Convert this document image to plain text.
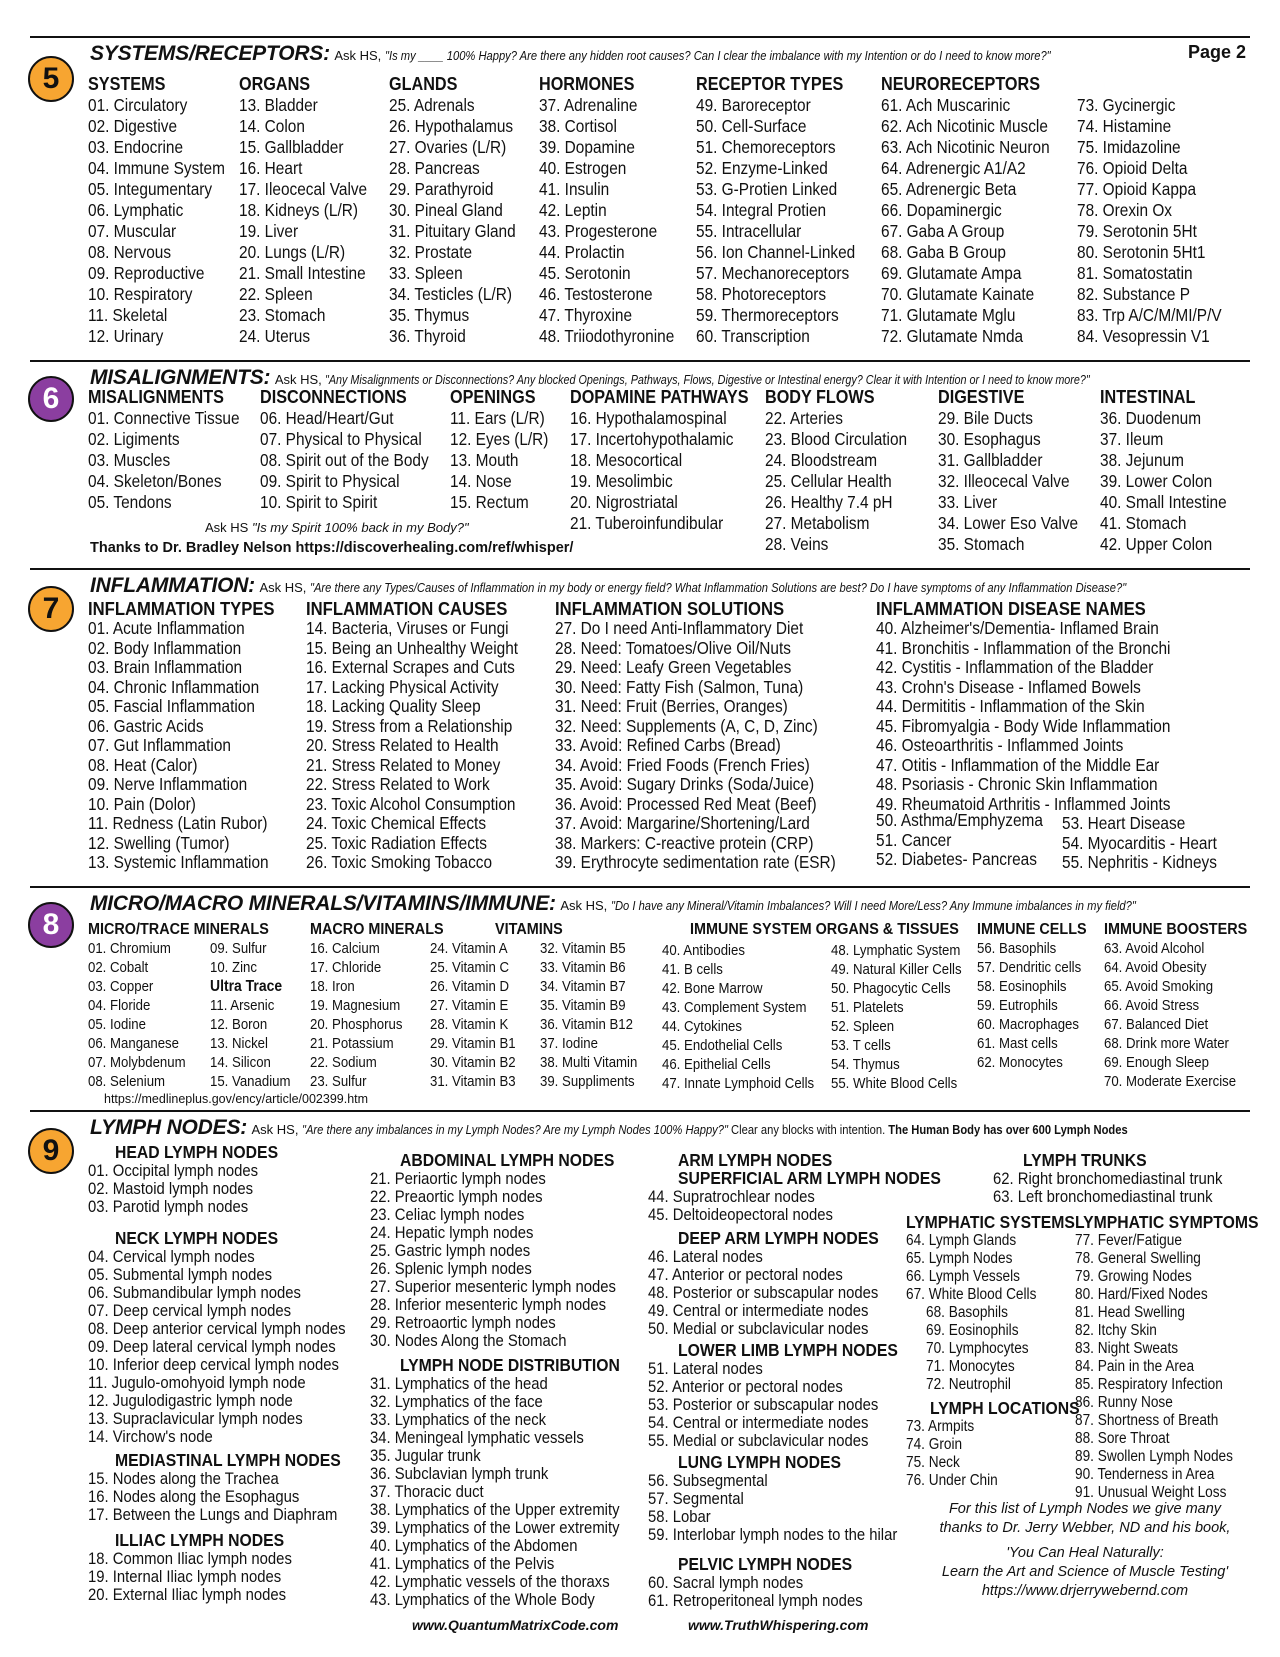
5
SYSTEMS/RECEPTORS: Ask HS, "Is my ____ 100% Happy? Are there any hidden root causes? Can I clear the imbalance with my Intention or do I need to know more?"	Page 2
SYSTEMS
01. Circulatory
02. Digestive
03. Endocrine
04. Immune System
05. Integumentary
06. Lymphatic
07. Muscular
08. Nervous
09. Reproductive
10. Respiratory
11. Skeletal
12. Urinary
ORGANS
13. Bladder
14. Colon
15. Gallbladder
16. Heart
17. Ileocecal Valve
18. Kidneys (L/R)
19. Liver
20. Lungs (L/R)
21. Small Intestine
22. Spleen
23. Stomach
24. Uterus
GLANDS
25. Adrenals
26. Hypothalamus
27. Ovaries (L/R)
28. Pancreas
29. Parathyroid
30. Pineal Gland
31. Pituitary Gland
32. Prostate
33. Spleen
34. Testicles (L/R)
35. Thymus
36. Thyroid
HORMONES
37. Adrenaline
38. Cortisol
39. Dopamine
40. Estrogen
41. Insulin
42. Leptin
43. Progesterone
44. Prolactin
45. Serotonin
46. Testosterone
47. Thyroxine
48. Triiodothyronine
RECEPTOR TYPES
49. Baroreceptor
50. Cell-Surface
51. Chemoreceptors
52. Enzyme-Linked
53. G-Protien Linked
54. Integral Protien
55. Intracellular
56. Ion Channel-Linked
57. Mechanoreceptors
58. Photoreceptors
59. Thermoreceptors
60. Transcription
NEURORECEPTORS
61. Ach Muscarinic
62. Ach Nicotinic Muscle
63. Ach Nicotinic Neuron
64. Adrenergic A1/A2
65. Adrenergic Beta
66. Dopaminergic
67. Gaba A Group
68. Gaba B Group
69. Glutamate Ampa
70. Glutamate Kainate
71. Glutamate Mglu
72. Glutamate Nmda
73. Gycinergic
74. Histamine
75. Imidazoline
76. Opioid Delta
77. Opioid Kappa
78. Orexin Ox
79. Serotonin 5Ht
80. Serotonin 5Ht1
81. Somatostatin
82. Substance P
83. Trp A/C/M/MI/P/V
84. Vesopressin V1
6
MISALIGNMENTS: Ask HS, "Any Misalignments or Disconnections? Any blocked Openings, Pathways, Flows, Digestive or Intestinal energy? Clear it with Intention or I need to know more?"
MISALIGNMENTS
01. Connective Tissue
02. Ligiments
03. Muscles
04. Skeleton/Bones
05. Tendons
DISCONNECTIONS
06. Head/Heart/Gut
07. Physical to Physical
08. Spirit out of the Body
09. Spirit to Physical
10. Spirit to Spirit
OPENINGS
11. Ears (L/R)
12. Eyes (L/R)
13. Mouth
14. Nose
15. Rectum
DOPAMINE PATHWAYS
16. Hypothalamospinal
17. Incertohypothalamic
18. Mesocortical
19. Mesolimbic
20. Nigrostriatal
21. Tuberoinfundibular
BODY FLOWS
22. Arteries
23. Blood Circulation
24. Bloodstream
25. Cellular Health
26. Healthy 7.4 pH
27. Metabolism
28. Veins
DIGESTIVE
29. Bile Ducts
30. Esophagus
31. Gallbladder
32. Illeocecal Valve
33. Liver
34. Lower Eso Valve
35. Stomach
INTESTINAL
36. Duodenum
37. Ileum
38. Jejunum
39. Lower Colon
40. Small Intestine
41. Stomach
42. Upper Colon
Ask HS "Is my Spirit 100% back in my Body?"
Thanks to Dr. Bradley Nelson https://discoverhealing.com/ref/whisper/
7
INFLAMMATION: Ask HS, "Are there any Types/Causes of Inflammation in my body or energy field? What Inflammation Solutions are best? Do I have symptoms of any Inflammation Disease?"
INFLAMMATION TYPES
01. Acute Inflammation
02. Body Inflammation
03. Brain Inflammation
04. Chronic Inflammation
05. Fascial Inflammation
06. Gastric Acids
07. Gut Inflammation
08. Heat (Calor)
09. Nerve Inflammation
10. Pain (Dolor)
11. Redness (Latin Rubor)
12. Swelling (Tumor)
13. Systemic Inflammation
INFLAMMATION CAUSES
14. Bacteria, Viruses or Fungi
15. Being an Unhealthy Weight
16. External Scrapes and Cuts
17. Lacking Physical Activity
18. Lacking Quality Sleep
19. Stress from a Relationship
20. Stress Related to Health
21. Stress Related to Money
22. Stress Related to Work
23. Toxic Alcohol Consumption
24. Toxic Chemical Effects
25. Toxic Radiation Effects
26. Toxic Smoking Tobacco
INFLAMMATION SOLUTIONS
27. Do I need Anti-Inflammatory Diet
28. Need: Tomatoes/Olive Oil/Nuts
29. Need: Leafy Green Vegetables
30. Need: Fatty Fish (Salmon, Tuna)
31. Need: Fruit (Berries, Oranges)
32. Need: Supplements (A, C, D, Zinc)
33. Avoid: Refined Carbs (Bread)
34. Avoid: Fried Foods (French Fries)
35. Avoid: Sugary Drinks (Soda/Juice)
36. Avoid: Processed Red Meat (Beef)
37. Avoid: Margarine/Shortening/Lard
38. Markers: C-reactive protein (CRP)
39. Erythrocyte sedimentation rate (ESR)
INFLAMMATION DISEASE NAMES
40. Alzheimer's/Dementia- Inflamed Brain
41. Bronchitis - Inflammation of the Bronchi
42. Cystitis - Inflammation of the Bladder
43. Crohn's Disease - Inflamed Bowels
44. Dermititis - Inflammation of the Skin
45. Fibromyalgia - Body Wide Inflammation
46. Osteoarthritis - Inflammed Joints
47. Otitis - Inflammation of the Middle Ear
48. Psoriasis - Chronic Skin Inflammation
49. Rheumatoid Arthritis - Inflammed Joints
50. Asthma/Emphyzema
51. Cancer
52. Diabetes- Pancreas
53. Heart Disease
54. Myocarditis - Heart
55. Nephritis - Kidneys
8
MICRO/MACRO MINERALS/VITAMINS/IMMUNE: Ask HS, "Do I have any Mineral/Vitamin Imbalances? Will I need More/Less? Any Immune imbalances in my field?"
MICRO/TRACE MINERALS
01. Chromium
02. Cobalt
03. Copper
04. Floride
05. Iodine
06. Manganese
07. Molybdenum
08. Selenium
09. Sulfur
10. Zinc
Ultra Trace
11. Arsenic
12. Boron
13. Nickel
14. Silicon
15. Vanadium
MACRO MINERALS
16. Calcium
17. Chloride
18. Iron
19. Magnesium
20. Phosphorus
21. Potassium
22. Sodium
23. Sulfur
24. Vitamin A
25. Vitamin C
26. Vitamin D
27. Vitamin E
28. Vitamin K
29. Vitamin B1
30. Vitamin B2
31. Vitamin B3
VITAMINS
32. Vitamin B5
33. Vitamin B6
34. Vitamin B7
35. Vitamin B9
36. Vitamin B12
37. Iodine
38. Multi Vitamin
39. Suppliments
IMMUNE SYSTEM ORGANS & TISSUES
40. Antibodies
41. B cells
42. Bone Marrow
43. Complement System
44. Cytokines
45. Endothelial Cells
46. Epithelial Cells
47. Innate Lymphoid Cells
48. Lymphatic System
49. Natural Killer Cells
50. Phagocytic Cells
51. Platelets
52. Spleen
53. T cells
54. Thymus
55. White Blood Cells
IMMUNE CELLS
56. Basophils
57. Dendritic cells
58. Eosinophils
59. Eutrophils
60. Macrophages
61. Mast cells
62. Monocytes
IMMUNE BOOSTERS
63. Avoid Alcohol
64. Avoid Obesity
65. Avoid Smoking
66. Avoid Stress
67. Balanced Diet
68. Drink more Water
69. Enough Sleep
70. Moderate Exercise
https://medlineplus.gov/ency/article/002399.htm
9
LYMPH NODES: Ask HS, "Are there any imbalances in my Lymph Nodes? Are my Lymph Nodes 100% Happy?" Clear any blocks with intention. The Human Body has over 600 Lymph Nodes
HEAD LYMPH NODES
01. Occipital lymph nodes
02. Mastoid lymph nodes
03. Parotid lymph nodes
NECK LYMPH NODES
04. Cervical lymph nodes
05. Submental lymph nodes
06. Submandibular lymph nodes
07. Deep cervical lymph nodes
08. Deep anterior cervical lymph nodes
09. Deep lateral cervical lymph nodes
10. Inferior deep cervical lymph nodes
11. Jugulo-omohyoid lymph node
12. Jugulodigastric lymph node
13. Supraclavicular lymph nodes
14. Virchow's node
MEDIASTINAL LYMPH NODES
15. Nodes along the Trachea
16. Nodes along the Esophagus
17. Between the Lungs and Diaphram
ILLIAC LYMPH NODES
18. Common Iliac lymph nodes
19. Internal Iliac lymph nodes
20. External Iliac lymph nodes
ABDOMINAL LYMPH NODES
21. Periaortic lymph nodes
22. Preaortic lymph nodes
23. Celiac lymph nodes
24. Hepatic lymph nodes
25. Gastric lymph nodes
26. Splenic lymph nodes
27. Superior mesenteric lymph nodes
28. Inferior mesenteric lymph nodes
29. Retroaortic lymph nodes
30. Nodes Along the Stomach
LYMPH NODE DISTRIBUTION
31. Lymphatics of the head
32. Lymphatics of the face
33. Lymphatics of the neck
34. Meningeal lymphatic vessels
35. Jugular trunk
36. Subclavian lymph trunk
37. Thoracic duct
38. Lymphatics of the Upper extremity
39. Lymphatics of the Lower extremity
40. Lymphatics of the Abdomen
41. Lymphatics of the Pelvis
42. Lymphatic vessels of the thoraxs
43. Lymphatics of the Whole Body
SUPERFICIAL ARM LYMPH NODES
44. Supratrochlear nodes
45. Deltoideopectoral nodes
DEEP ARM LYMPH NODES
46. Lateral nodes
47. Anterior or pectoral nodes
48. Posterior or subscapular nodes
49. Central or intermediate nodes
50. Medial or subclavicular nodes
LOWER LIMB LYMPH NODES
51. Lateral nodes
52. Anterior or pectoral nodes
53. Posterior or subscapular nodes
54. Central or intermediate nodes
55. Medial or subclavicular nodes
LUNG LYMPH NODES
56. Subsegmental
57. Segmental
58. Lobar
59. Interlobar lymph nodes to the hilar
PELVIC LYMPH NODES
60. Sacral lymph nodes
61. Retroperitoneal lymph nodes
LYMPH TRUNKS
62. Right bronchomediastinal trunk
63. Left bronchomediastinal trunk
LYMPH LOCATIONS
73. Armpits
74. Groin
75. Neck
76. Under Chin
LYMPHATIC SYMPTOMS
77. Fever/Fatigue
78. General Swelling
79. Growing Nodes
80. Hard/Fixed Nodes
81. Head Swelling
82. Itchy Skin
83. Night Sweats
84. Pain in the Area
85. Respiratory Infection
86. Runny Nose
87. Shortness of Breath
88. Sore Throat
89. Swollen Lymph Nodes
90. Tenderness in Area
91. Unusual Weight Loss
ARM LYMPH NODES
LYMPHATIC SYSTEMS
64. Lymph Glands
65. Lymph Nodes
66. Lymph Vessels
67. White Blood Cells
68. Basophils
69. Eosinophils
70. Lymphocytes
71. Monocytes
72. Neutrophil
For this list of Lymph Nodes we give many
thanks to Dr. Jerry Webber, ND and his book,
'You Can Heal Naturally:
Learn the Art and Science of Muscle Testing'
https://www.drjerrywebernd.com
www.QuantumMatrixCode.com	www.TruthWhispering.com
